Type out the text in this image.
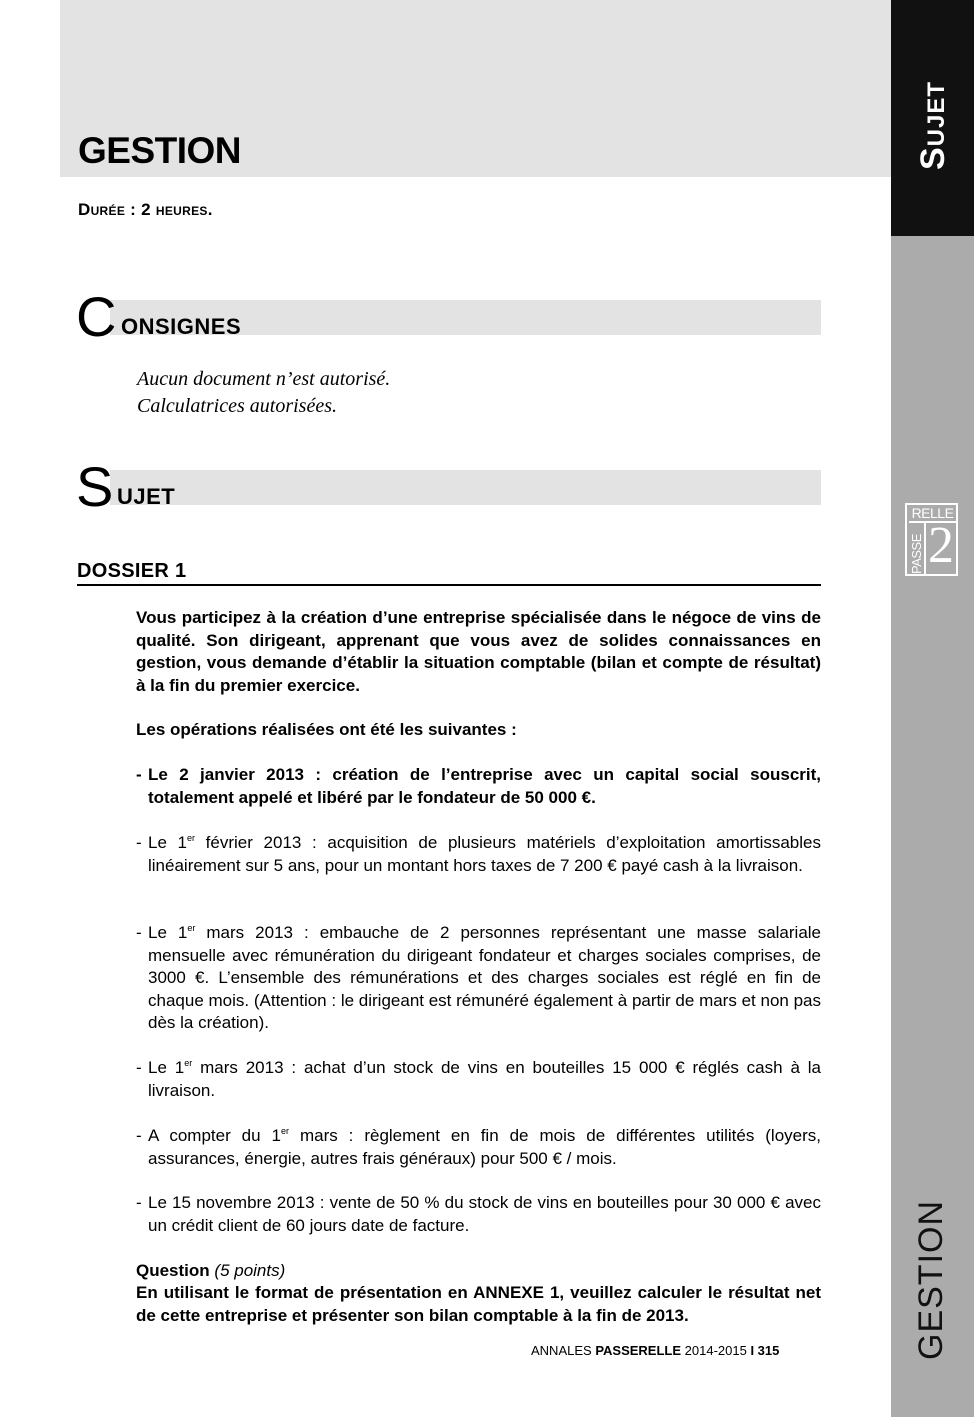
GESTION
Durée : 2 heures.
Sujet
GESTION
RELLE
PASSE 2
C ONSIGNES
Aucun document n’est autorisé.
Calculatrices autorisées.
S UJET
DOSSIER 1
Vous participez à la création d’une entreprise spécialisée dans le négoce de vins de qualité. Son dirigeant, apprenant que vous avez de solides connaissances en gestion, vous demande d’établir la situation comptable (bilan et compte de résultat) à la fin du premier exercice.
Les opérations réalisées ont été les suivantes :
- Le 2 janvier 2013 : création de l’entreprise avec un capital social souscrit, totalement appelé et libéré par le fondateur de 50 000 €.
- Le 1er février 2013 : acquisition de plusieurs matériels d’exploitation amortissables linéairement sur 5 ans, pour un montant hors taxes de 7 200 € payé cash à la livraison.
- Le 1er mars 2013 : embauche de 2 personnes représentant une masse salariale mensuelle avec rémunération du dirigeant fondateur et charges sociales comprises, de 3000 €. L’ensemble des rémunérations et des charges sociales est réglé en fin de chaque mois. (Attention : le dirigeant est rémunéré également à partir de mars et non pas dès la création).
- Le 1er mars 2013 : achat d’un stock de vins en bouteilles 15 000 € réglés cash à la livraison.
- A compter du 1er mars : règlement en fin de mois de différentes utilités (loyers, assurances, énergie, autres frais généraux) pour 500 € / mois.
- Le 15 novembre 2013 : vente de 50 % du stock de vins en bouteilles pour 30 000 € avec un crédit client de 60 jours date de facture.
Question (5 points)
En utilisant le format de présentation en ANNEXE 1, veuillez calculer le résultat net de cette entreprise et présenter son bilan comptable à la fin de 2013.
ANNALES PASSERELLE 2014-2015 I 315
